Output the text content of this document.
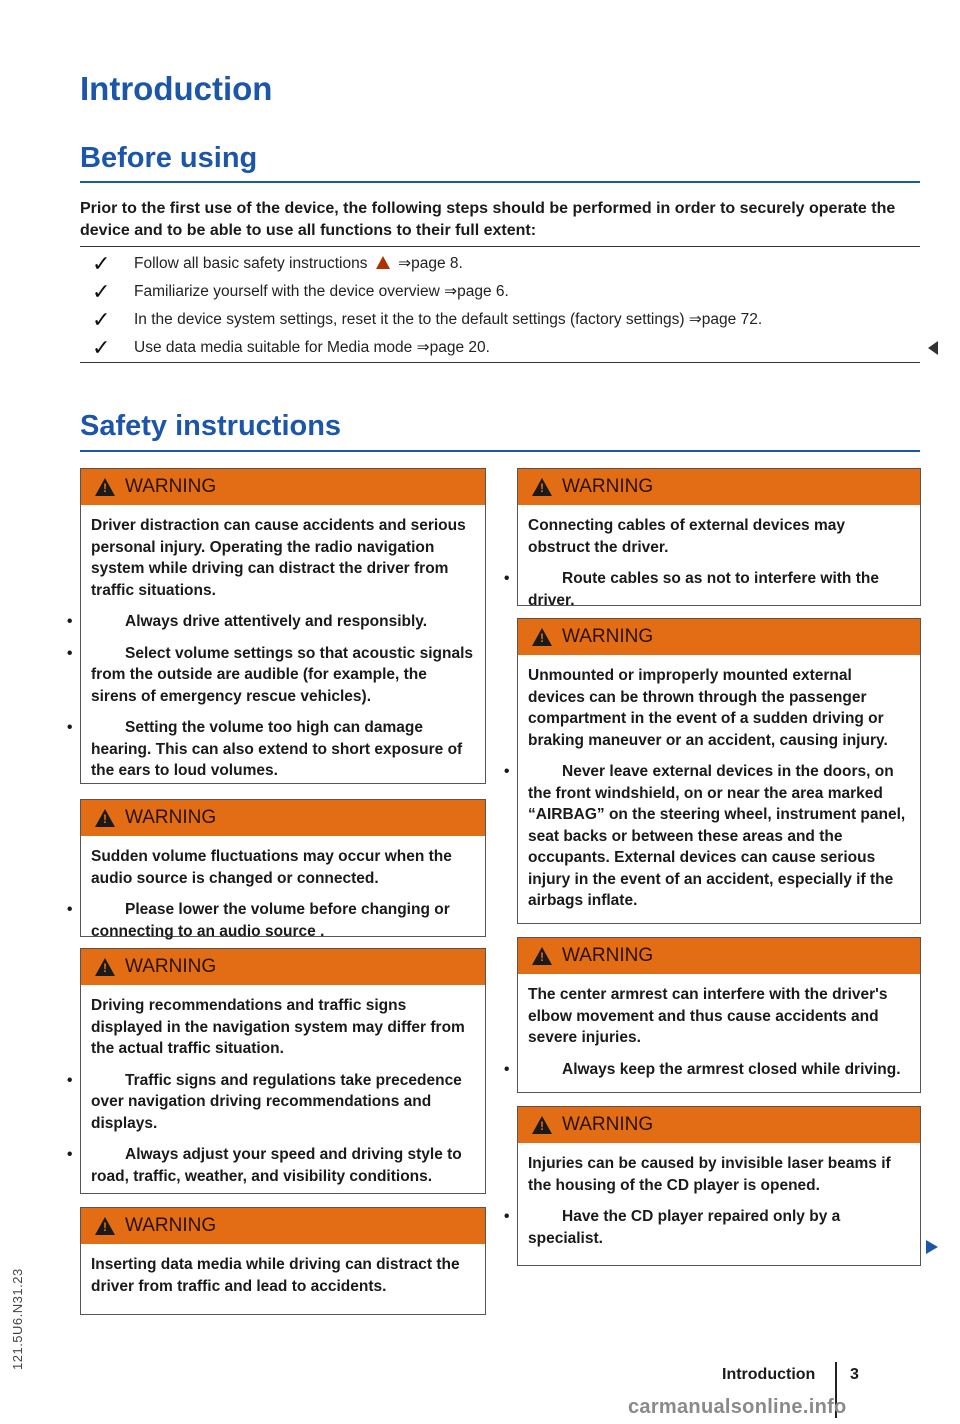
121.5U6.N31.23
Introduction
Before using
Prior to the first use of the device, the following steps should be performed in order to securely operate the device and to be able to use all functions to their full extent:
✓ Follow all basic safety instructions ⇒page 8.
✓ Familiarize yourself with the device overview ⇒page 6.
✓ In the device system settings, reset it the to the default settings (factory settings) ⇒page 72.
✓ Use data media suitable for Media mode ⇒page 20.
Safety instructions
!
WARNING

Driver distraction can cause accidents and serious personal injury. Operating the radio navigation system while driving can distract the driver from traffic situations.

• Always drive attentively and responsibly.

• Select volume settings so that acoustic signals from the outside are audible (for example, the sirens of emergency rescue vehicles).

• Setting the volume too high can damage hearing. This can also extend to short exposure of the ears to loud volumes.

!
WARNING

Sudden volume fluctuations may occur when the audio source is changed or connected.

• Please lower the volume before changing or connecting to an audio source .

!
WARNING

Driving recommendations and traffic signs displayed in the navigation system may differ from the actual traffic situation.

• Traffic signs and regulations take precedence over navigation driving recommendations and displays.

• Always adjust your speed and driving style to road, traffic, weather, and visibility conditions.

!
WARNING

Inserting data media while driving can distract the driver from traffic and lead to accidents.

!
WARNING

Connecting cables of external devices may obstruct the driver.

• Route cables so as not to interfere with the driver.

!
WARNING

Unmounted or improperly mounted external devices can be thrown through the passenger compartment in the event of a sudden driving or braking maneuver or an accident, causing injury.

• Never leave external devices in the doors, on the front windshield, on or near the area marked “AIRBAG” on the steering wheel, instrument panel, seat backs or between these areas and the occupants. External devices can cause serious injury in the event of an accident, especially if the airbags inflate.

!
WARNING

The center armrest can interfere with the driver's elbow movement and thus cause accidents and severe injuries.

• Always keep the armrest closed while driving.

!
WARNING

Injuries can be caused by invisible laser beams if the housing of the CD player is opened.

• Have the CD player repaired only by a specialist.

Introduction 3
carmanualsonline.info
